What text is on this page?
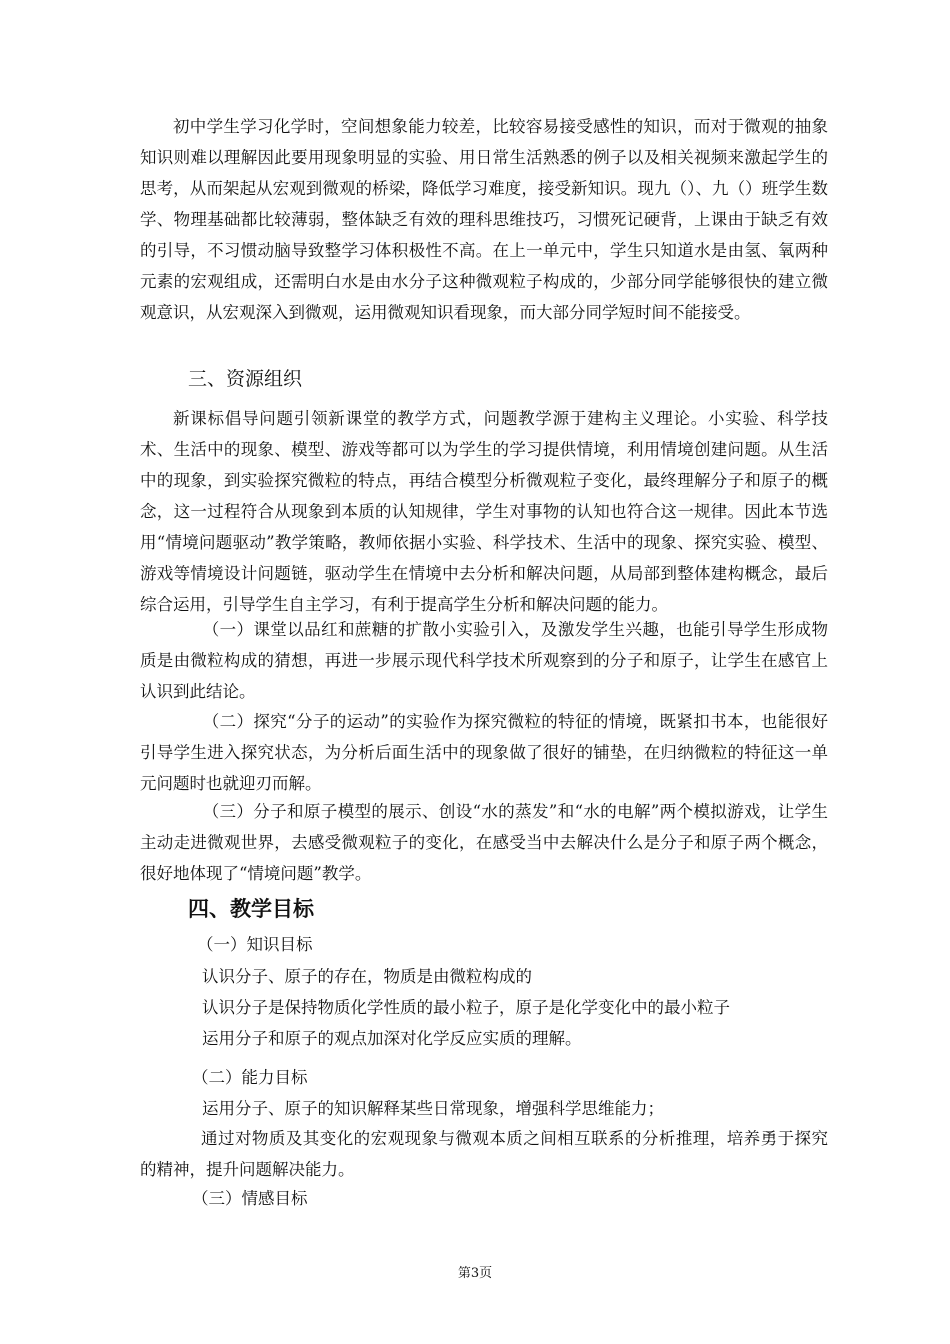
初中学生学习化学时，空间想象能力较差，比较容易接受感性的知识，而对于微观的抽象知识则难以理解因此要用现象明显的实验、用日常生活熟悉的例子以及相关视频来激起学生的思考，从而架起从宏观到微观的桥梁，降低学习难度，接受新知识。现九（）、九（）班学生数学、物理基础都比较薄弱，整体缺乏有效的理科思维技巧，习惯死记硬背，上课由于缺乏有效的引导，不习惯动脑导致整学习体积极性不高。在上一单元中，学生只知道水是由氢、氧两种元素的宏观组成，还需明白水是由水分子这种微观粒子构成的，少部分同学能够很快的建立微观意识，从宏观深入到微观，运用微观知识看现象，而大部分同学短时间不能接受。

三、资源组织

新课标倡导问题引领新课堂的教学方式，问题教学源于建构主义理论。小实验、科学技术、生活中的现象、模型、游戏等都可以为学生的学习提供情境，利用情境创建问题。从生活中的现象，到实验探究微粒的特点，再结合模型分析微观粒子变化，最终理解分子和原子的概念，这一过程符合从现象到本质的认知规律，学生对事物的认知也符合这一规律。因此本节选用“情境问题驱动”教学策略，教师依据小实验、科学技术、生活中的现象、探究实验、模型、游戏等情境设计问题链，驱动学生在情境中去分析和解决问题，从局部到整体建构概念，最后综合运用，引导学生自主学习，有利于提高学生分析和解决问题的能力。

（一）课堂以品红和蔗糖的扩散小实验引入，及激发学生兴趣，也能引导学生形成物质是由微粒构成的猜想，再进一步展示现代科学技术所观察到的分子和原子，让学生在感官上认识到此结论。

（二）探究“分子的运动”的实验作为探究微粒的特征的情境，既紧扣书本，也能很好引导学生进入探究状态，为分析后面生活中的现象做了很好的铺垫，在归纳微粒的特征这一单元问题时也就迎刃而解。

（三）分子和原子模型的展示、创设“水的蒸发”和“水的电解”两个模拟游戏，让学生主动走进微观世界，去感受微观粒子的变化，在感受当中去解决什么是分子和原子两个概念，很好地体现了“情境问题”教学。

四、教学目标

（一）知识目标

认识分子、原子的存在，物质是由微粒构成的

认识分子是保持物质化学性质的最小粒子，原子是化学变化中的最小粒子

运用分子和原子的观点加深对化学反应实质的理解。

（二）能力目标

运用分子、原子的知识解释某些日常现象，增强科学思维能力；

通过对物质及其变化的宏观现象与微观本质之间相互联系的分析推理，培养勇于探究的精神，提升问题解决能力。

（三）情感目标

第3页
